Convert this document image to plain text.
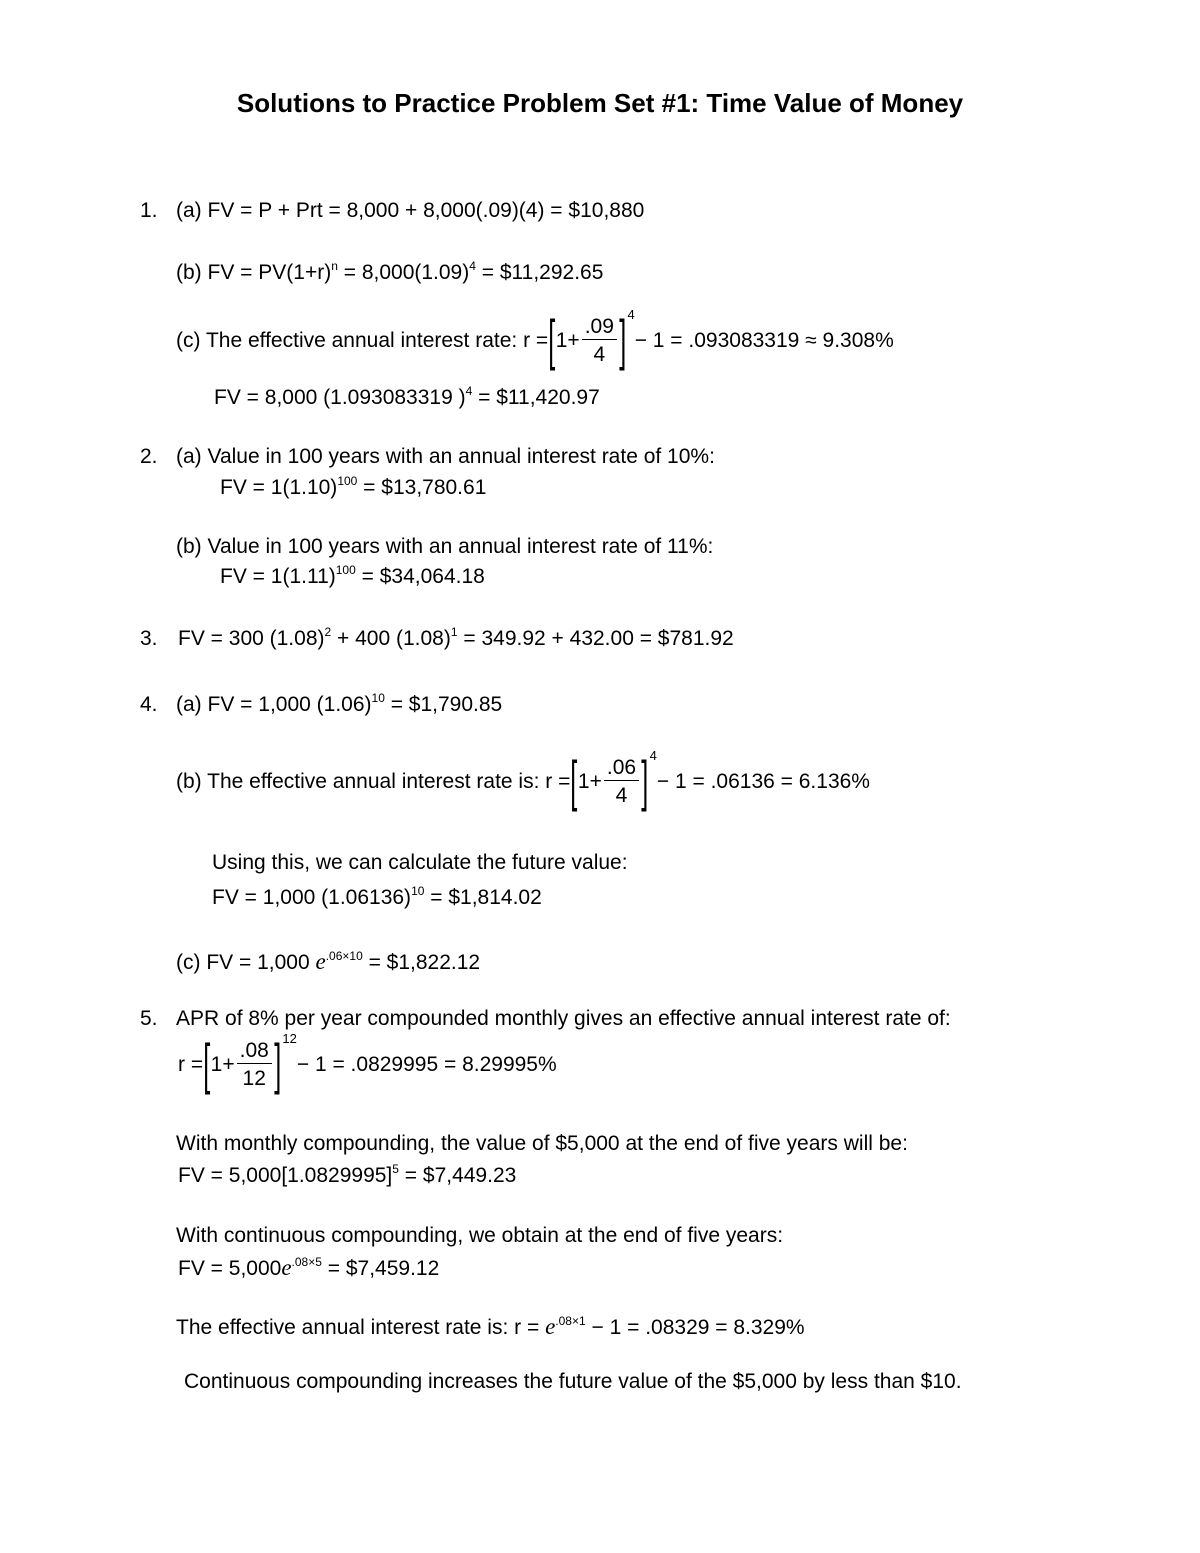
Solutions to Practice Problem Set #1: Time Value of Money
1. (a) FV = P + Prt = 8,000 + 8,000(.09)(4) = $10,880
(b) FV = $PV(1+r)^n = 8,000(1.09)^4$ = $11,292.65
(c) The effective annual interest rate: r = [ $1+ \frac{.09}{4}$ ] 4
− 1 = .093083319 ≈ 9.308%
FV = 8,000 (1.093083319 )$^4$ = $11,420.97
2. (a) Value in 100 years with an annual interest rate of 10%:
FV = $1(1.10)^{100}$ = $13,780.61
(b) Value in 100 years with an annual interest rate of 11%:
FV = $1(1.11)^{100}$ = $34,064.18
3. FV = 300 $(1.08)^2 + 400$ $(1.08)^1 = 349.92 + 432.00$ = $781.92
4. (a) FV = 1,000 $(1.06)^{10}$ = $1,790.85
(b) The effective annual interest rate is: r = [ $1+ \frac{.06}{4}$ ] 4
− 1 = .06136 = 6.136%
Using this, we can calculate the future value:
FV = 1,000 $(1.06136)^{10}$ = $1,814.02
(c) FV = 1,000 $e^{.06\times 10}$ = $1,822.12
5. APR of 8% per year compounded monthly gives an effective annual interest rate of:
r = [ $1+ \frac{.08}{12}$ ] 12
− 1 = .0829995 = 8.29995%
With monthly compounding, the value of $5,000 at the end of five years will be:
FV = $5,000[1.0829995]^5$ = $7,449.23
With continuous compounding, we obtain at the end of five years:
FV = $5,000e^{.08\times 5}$ = $7,459.12
The effective annual interest rate is: $r = e^{.08\times 1} - 1 = .08329 = 8.329\%$
Continuous compounding increases the future value of the $5,000 by less than $10.
